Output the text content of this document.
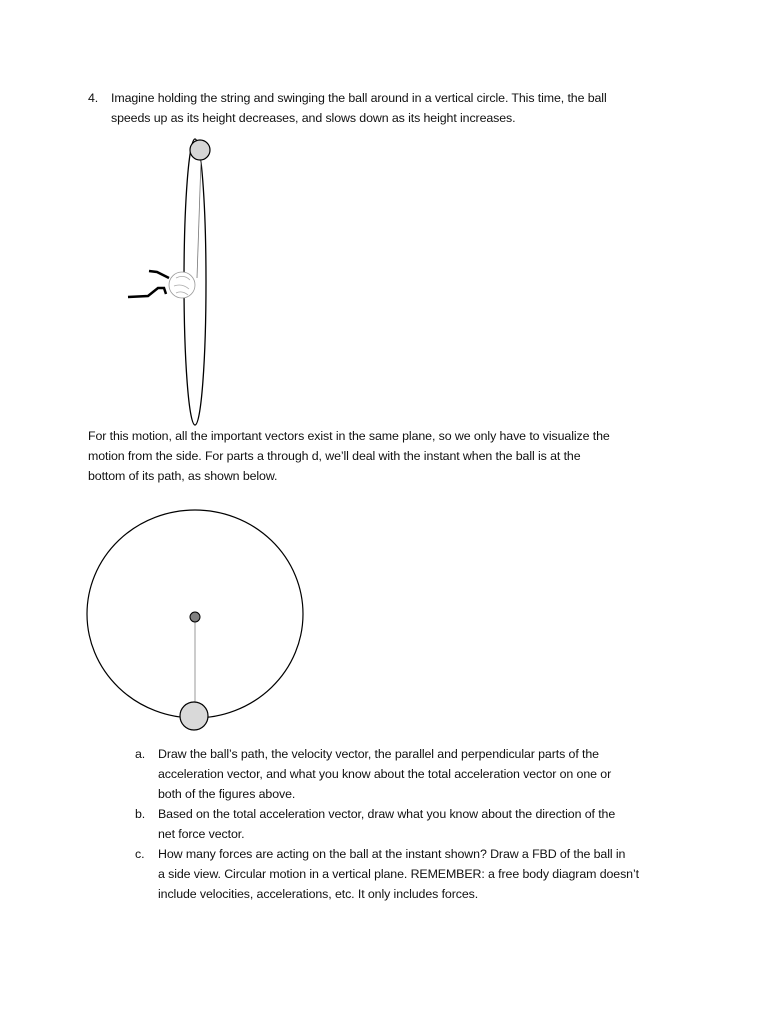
4. Imagine holding the string and swinging the ball around in a vertical circle. This time, the ball
speeds up as its height decreases, and slows down as its height increases.
For this motion, all the important vectors exist in the same plane, so we only have to visualize the
motion from the side. For parts a through d, we’ll deal with the instant when the ball is at the
bottom of its path, as shown below.
a. Draw the ball’s path, the velocity vector, the parallel and perpendicular parts of the
acceleration vector, and what you know about the total acceleration vector on one or
both of the figures above.
b. Based on the total acceleration vector, draw what you know about the direction of the
net force vector.
c. How many forces are acting on the ball at the instant shown? Draw a FBD of the ball in
a side view. Circular motion in a vertical plane. REMEMBER: a free body diagram doesn’t
include velocities, accelerations, etc. It only includes forces.
